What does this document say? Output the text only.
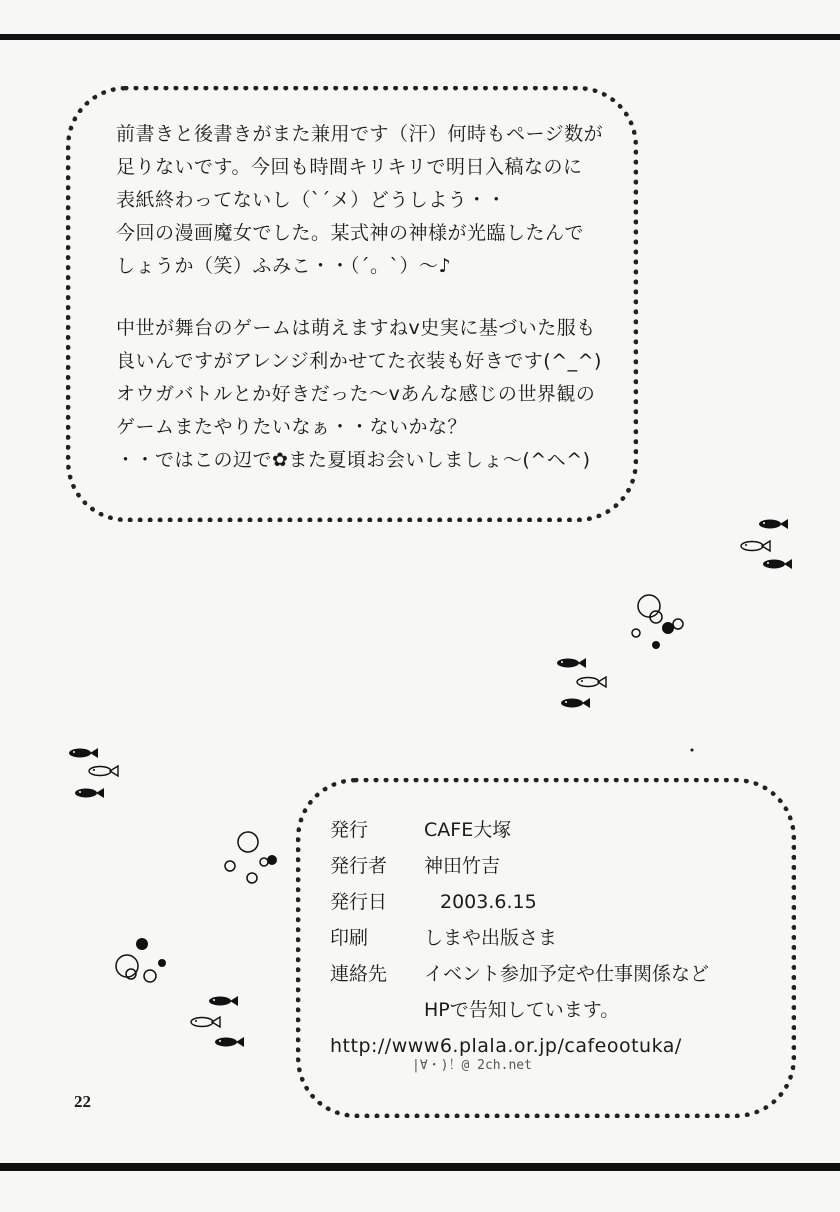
前書きと後書きがまた兼用です（汗）何時もページ数が
足りないです。今回も時間キリキリで明日入稿なのに
表紙終わってないし（`´メ）どうしよう・・
今回の漫画魔女でした。某式神の神様が光臨したんで
しょうか（笑）ふみこ・・（´。`）～♪
中世が舞台のゲームは萌えますねv史実に基づいた服も
良いんですがアレンジ利かせてた衣装も好きです(^_^)
オウガバトルとか好きだった～vあんな感じの世界観の
ゲームまたやりたいなぁ・・ないかな？
・・ではこの辺で✿また夏頃お会いしましょ～(^ヘ^)
発行	CAFE大塚
発行者 神田竹吉
発行日	2003.6.15
印刷	しまや出版さま
連絡先 イベント参加予定や仕事関係など
HPで告知しています。
http://www6.plala.or.jp/cafeootuka/
|∀・)！@ 2ch.net
22
